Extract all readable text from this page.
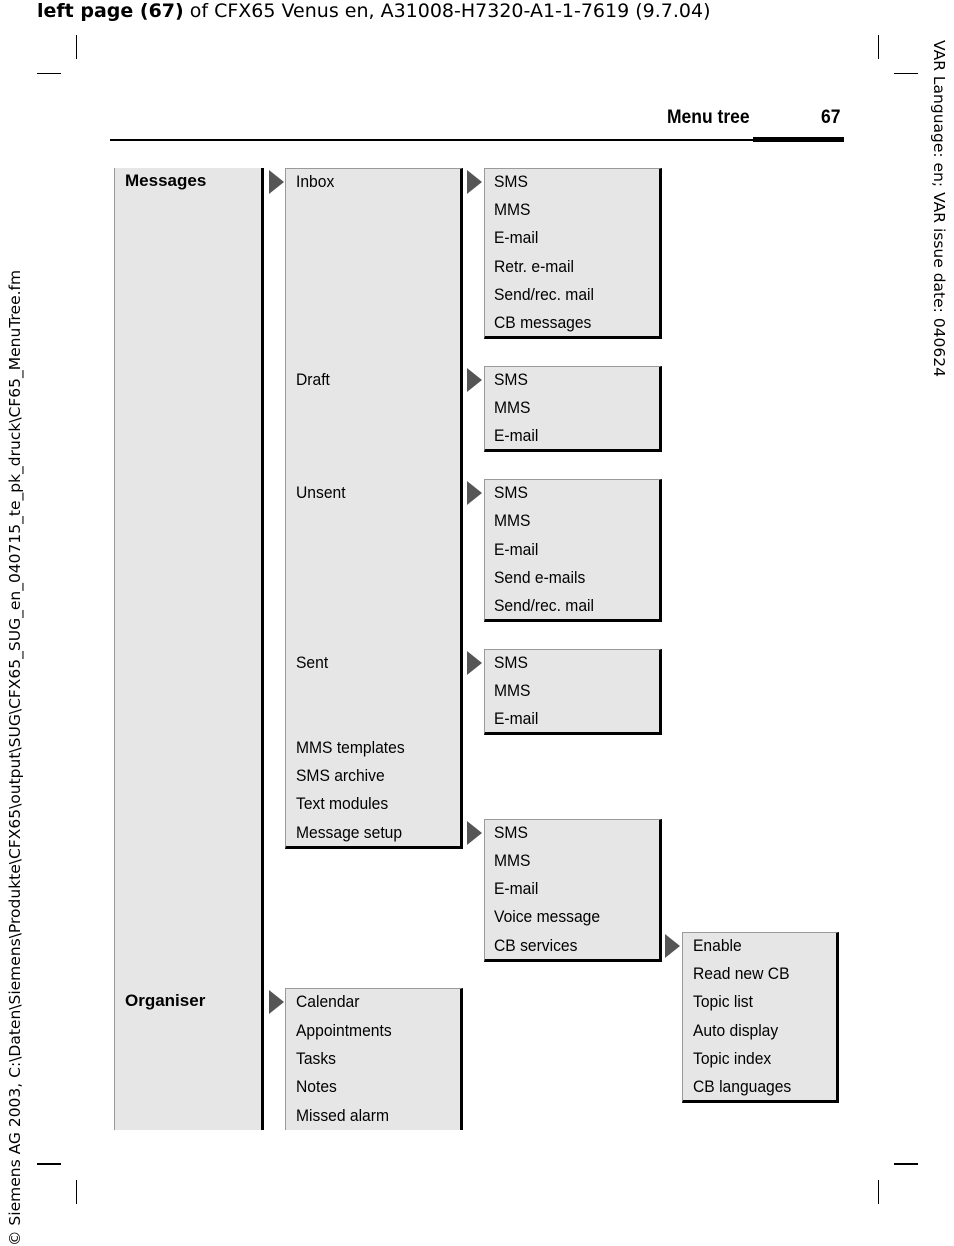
left page (67) of CFX65 Venus en, A31008-H7320-A1-1-7619 (9.7.04)
© Siemens AG 2003, C:\Daten\Siemens\Produkte\CFX65\output\SUG\CFX65_SUG_en_040715_te_pk_druck\CF65_MenuTree.fm
VAR Language: en; VAR issue date: 040624
Menu tree	67
Messages
Organiser
Inbox
Draft
Unsent
Sent
MMS templates
SMS archive
Text modules
Message setup
Calendar
Appointments
Tasks
Notes
Missed alarm
SMS
MMS
E-mail
Retr. e-mail
Send/rec. mail
CB messages
SMS
MMS
E-mail
SMS
MMS
E-mail
Send e-mails
Send/rec. mail
SMS
MMS
E-mail
SMS
MMS
E-mail
Voice message
CB services	Enable
Read new CB
Topic list
Auto display
Topic index
CB languages
